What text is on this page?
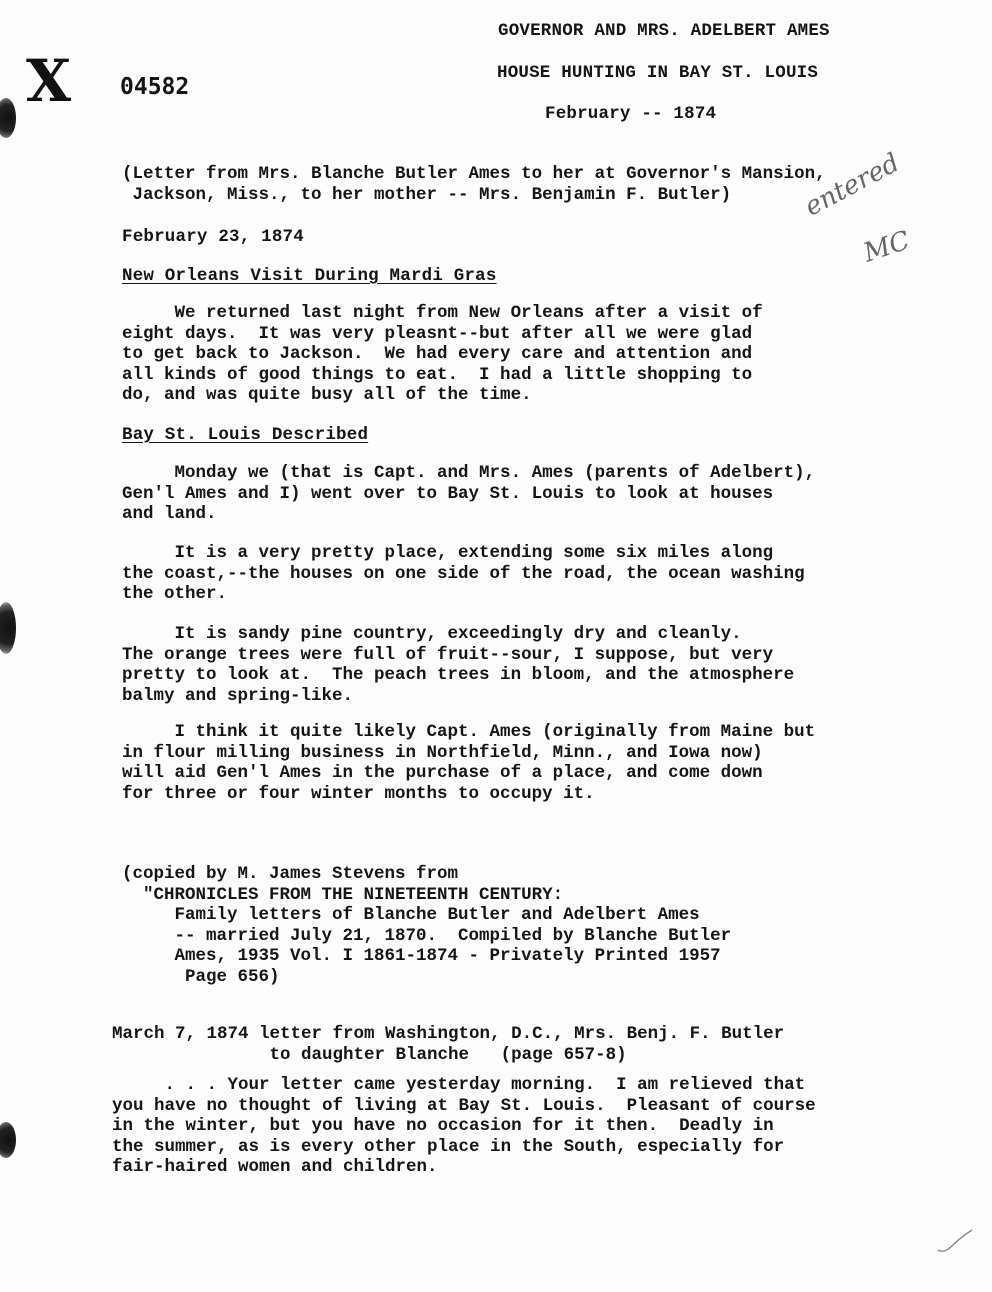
X 04582
GOVERNOR AND MRS. ADELBERT AMES
HOUSE HUNTING IN BAY ST. LOUIS
February -- 1874
(Letter from Mrs. Blanche Butler Ames to her at Governor's Mansion,
Jackson, Miss., to her mother -- Mrs. Benjamin F. Butler)	entered
MC
February 23, 1874
New Orleans Visit During Mardi Gras
We returned last night from New Orleans after a visit of
eight days.  It was very pleasnt--but after all we were glad
to get back to Jackson.  We had every care and attention and
all kinds of good things to eat.  I had a little shopping to
do, and was quite busy all of the time.
Bay St. Louis Described
Monday we (that is Capt. and Mrs. Ames (parents of Adelbert),
Gen'l Ames and I) went over to Bay St. Louis to look at houses
and land.
It is a very pretty place, extending some six miles along
the coast,--the houses on one side of the road, the ocean washing
the other.
It is sandy pine country, exceedingly dry and cleanly.
The orange trees were full of fruit--sour, I suppose, but very
pretty to look at.  The peach trees in bloom, and the atmosphere
balmy and spring-like.
I think it quite likely Capt. Ames (originally from Maine but
in flour milling business in Northfield, Minn., and Iowa now)
will aid Gen'l Ames in the purchase of a place, and come down
for three or four winter months to occupy it.
(copied by M. James Stevens from
"CHRONICLES FROM THE NINETEENTH CENTURY:
Family letters of Blanche Butler and Adelbert Ames
-- married July 21, 1870.  Compiled by Blanche Butler
Ames, 1935 Vol. I 1861-1874 - Privately Printed 1957
Page 656)
March 7, 1874 letter from Washington, D.C., Mrs. Benj. F. Butler
to daughter Blanche   (page 657-8)
. . . Your letter came yesterday morning.  I am relieved that
you have no thought of living at Bay St. Louis.  Pleasant of course
in the winter, but you have no occasion for it then.  Deadly in
the summer, as is every other place in the South, especially for
fair-haired women and children.
